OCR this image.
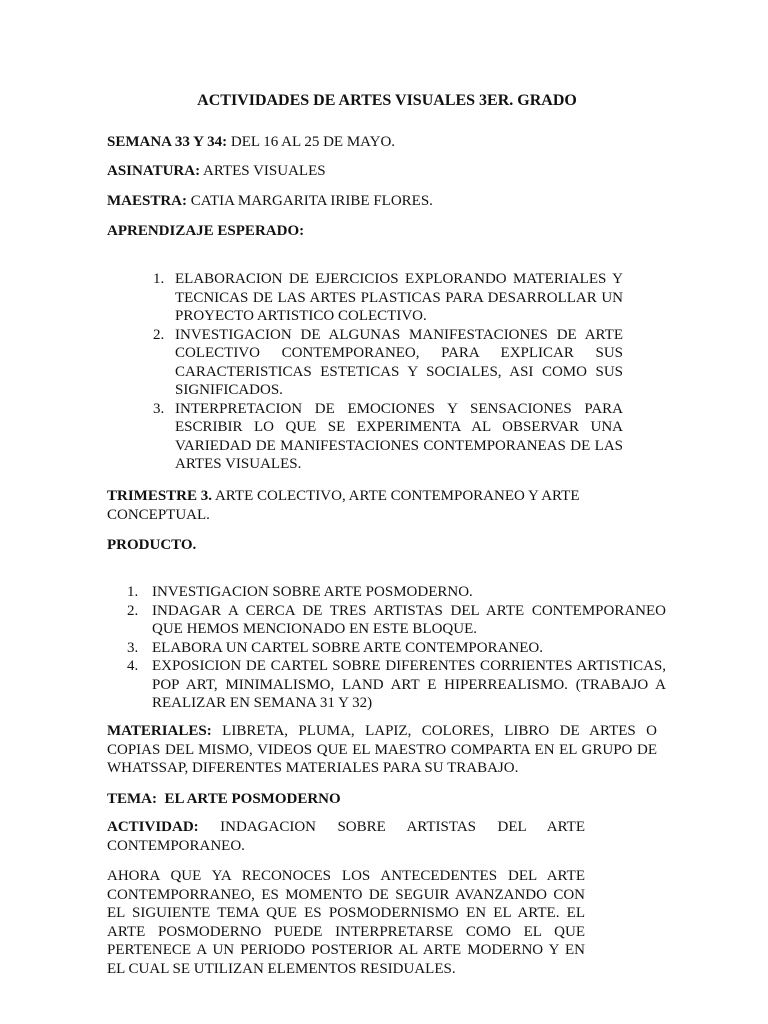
ACTIVIDADES DE ARTES VISUALES 3ER. GRADO
SEMANA 33 Y 34: DEL 16 AL 25 DE MAYO.
ASINATURA: ARTES VISUALES
MAESTRA: CATIA MARGARITA IRIBE FLORES.
APRENDIZAJE ESPERADO:
1. ELABORACION DE EJERCICIOS EXPLORANDO MATERIALES Y TECNICAS DE LAS ARTES PLASTICAS PARA DESARROLLAR UN PROYECTO ARTISTICO COLECTIVO.
2. INVESTIGACION DE ALGUNAS MANIFESTACIONES DE ARTE COLECTIVO CONTEMPORANEO, PARA EXPLICAR SUS CARACTERISTICAS ESTETICAS Y SOCIALES, ASI COMO SUS SIGNIFICADOS.
3. INTERPRETACION DE EMOCIONES Y SENSACIONES PARA ESCRIBIR LO QUE SE EXPERIMENTA AL OBSERVAR UNA VARIEDAD DE MANIFESTACIONES CONTEMPORANEAS DE LAS ARTES VISUALES.
TRIMESTRE 3. ARTE COLECTIVO, ARTE CONTEMPORANEO Y ARTE CONCEPTUAL.
PRODUCTO.
1. INVESTIGACION SOBRE ARTE POSMODERNO.
2. INDAGAR A CERCA DE TRES ARTISTAS DEL ARTE CONTEMPORANEO QUE HEMOS MENCIONADO EN ESTE BLOQUE.
3. ELABORA UN CARTEL SOBRE ARTE CONTEMPORANEO.
4. EXPOSICION DE CARTEL SOBRE DIFERENTES CORRIENTES ARTISTICAS, POP ART, MINIMALISMO, LAND ART E HIPERREALISMO. (TRABAJO A REALIZAR EN SEMANA 31 Y 32)
MATERIALES: LIBRETA, PLUMA, LAPIZ, COLORES, LIBRO DE ARTES O COPIAS DEL MISMO, VIDEOS QUE EL MAESTRO COMPARTA EN EL GRUPO DE WHATSSAP, DIFERENTES MATERIALES PARA SU TRABAJO.
TEMA: EL ARTE POSMODERNO
ACTIVIDAD: INDAGACION SOBRE ARTISTAS DEL ARTE CONTEMPORANEO.
AHORA QUE YA RECONOCES LOS ANTECEDENTES DEL ARTE CONTEMPORRANEO, ES MOMENTO DE SEGUIR AVANZANDO CON EL SIGUIENTE TEMA QUE ES POSMODERNISMO EN EL ARTE. EL ARTE POSMODERNO PUEDE INTERPRETARSE COMO EL QUE PERTENECE A UN PERIODO POSTERIOR AL ARTE MODERNO Y EN EL CUAL SE UTILIZAN ELEMENTOS RESIDUALES.
